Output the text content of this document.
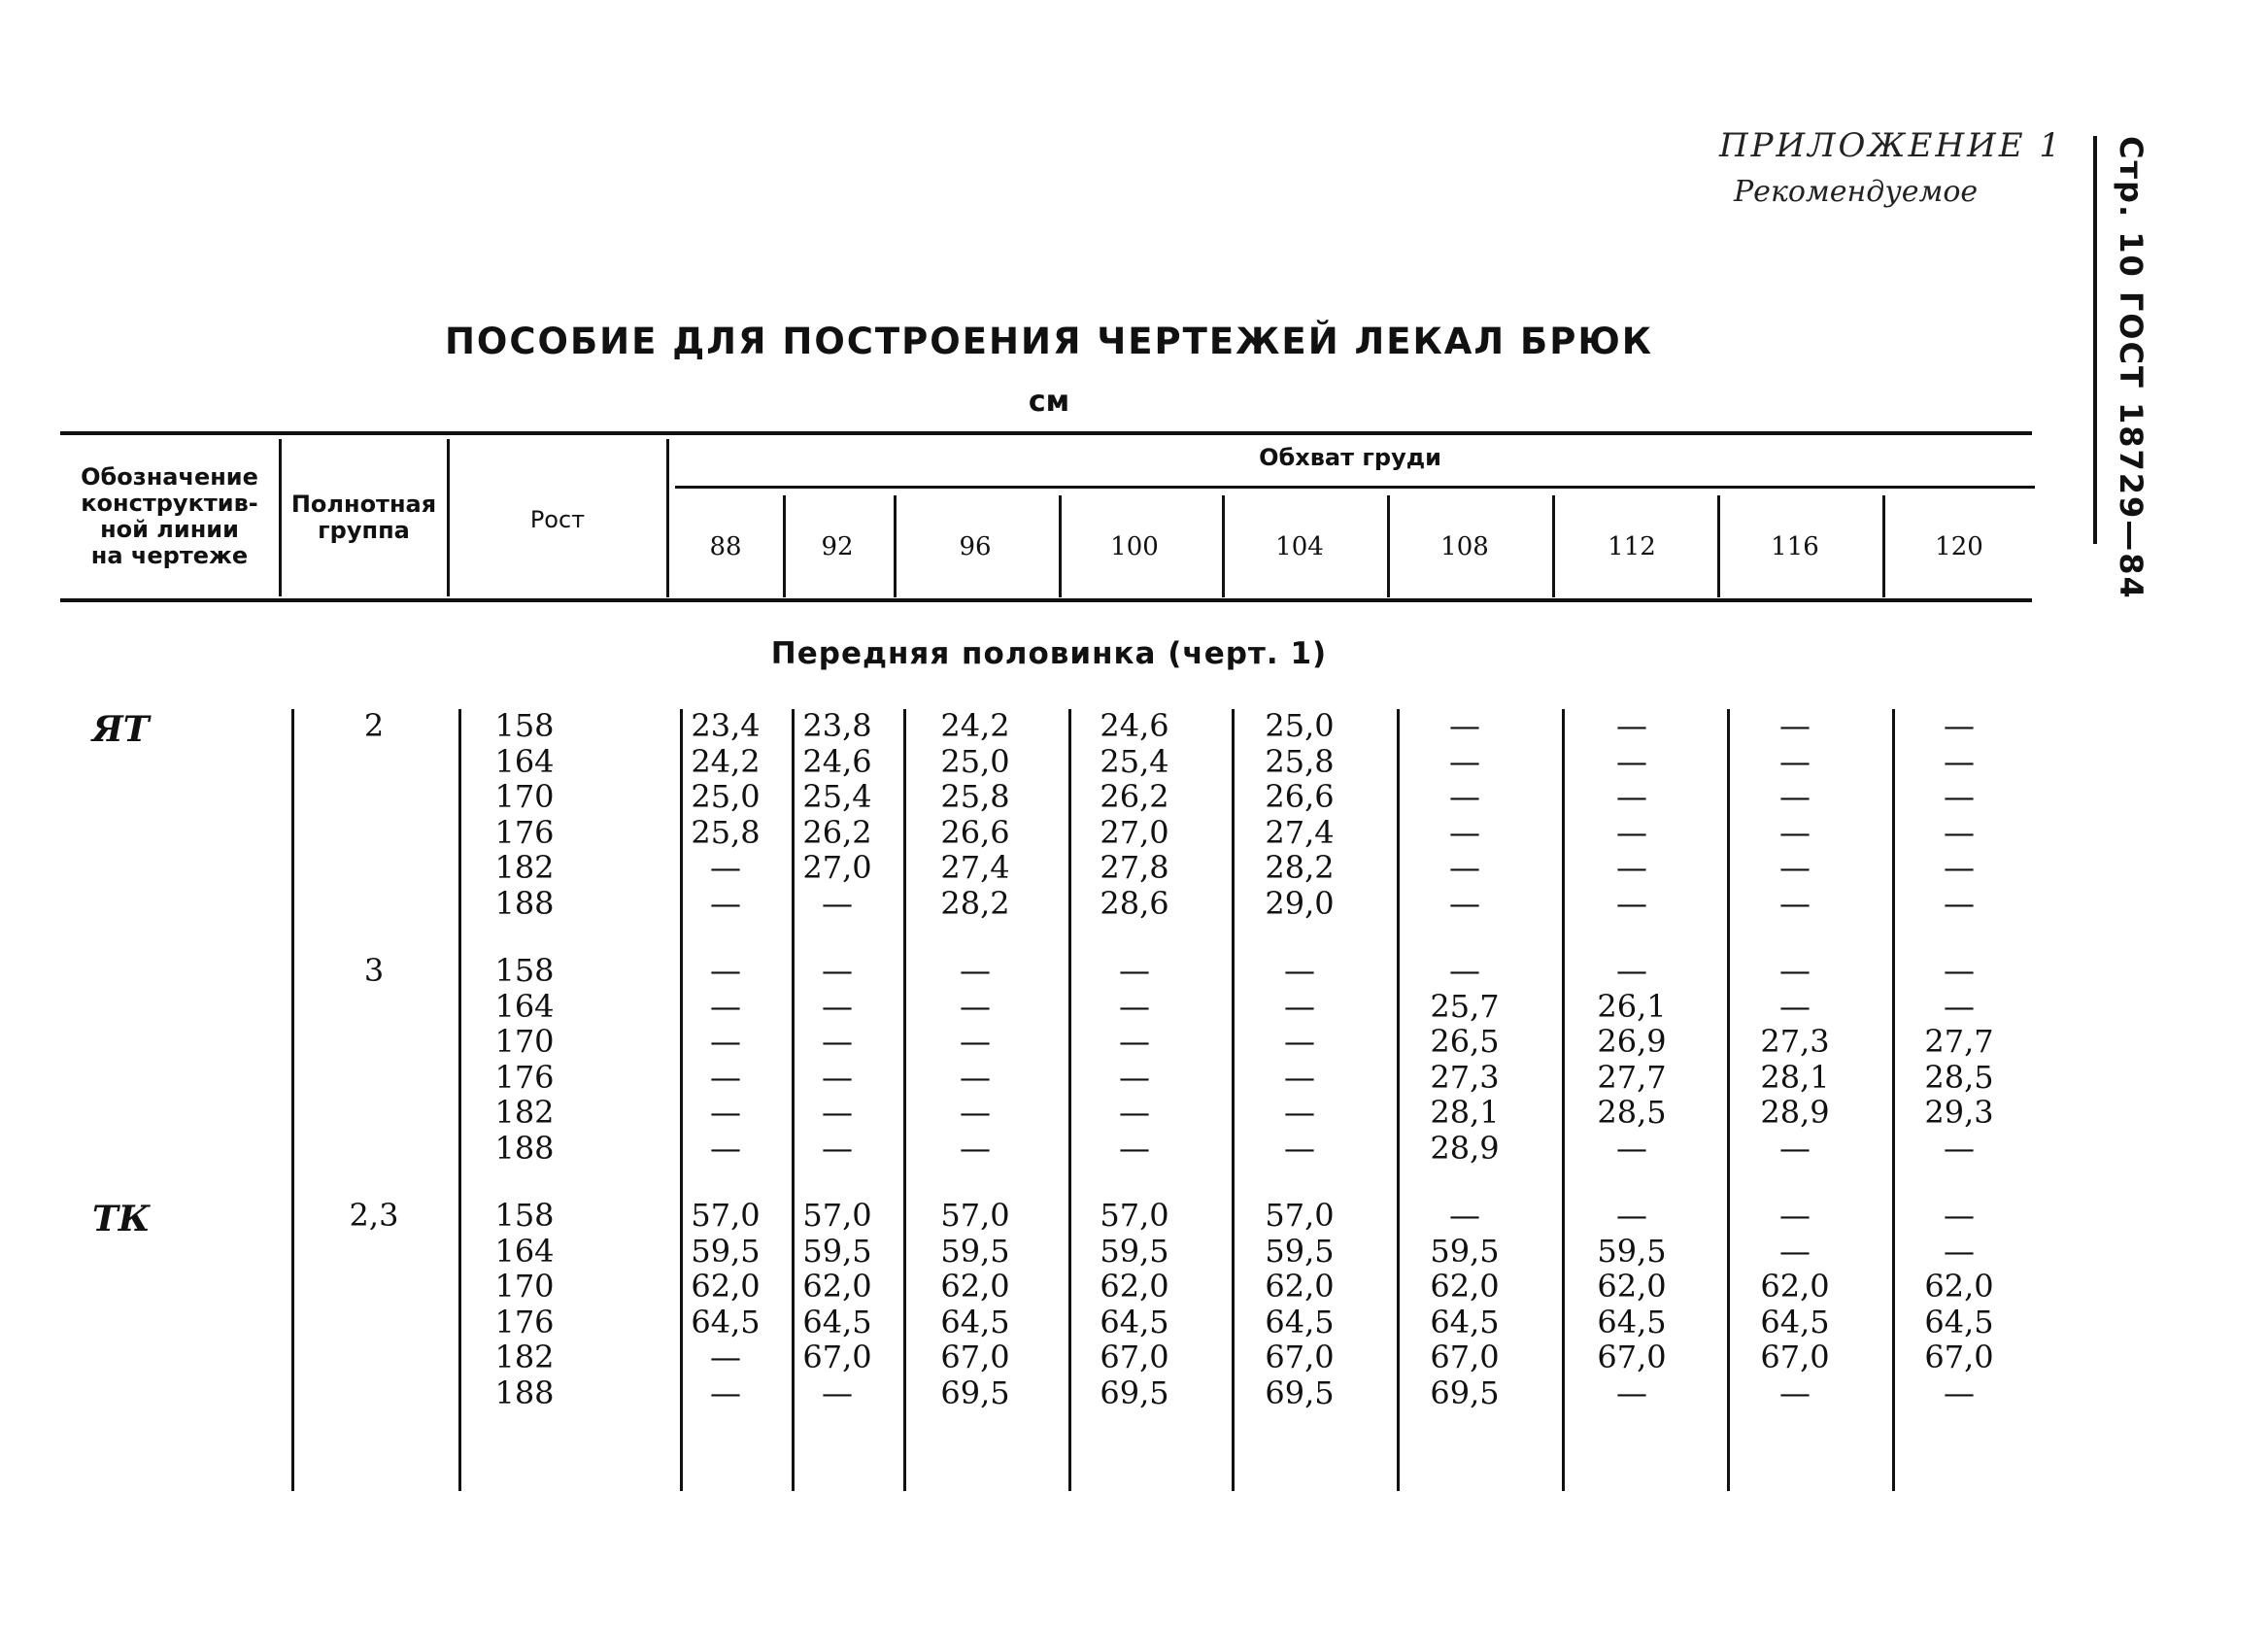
ПРИЛОЖЕНИЕ 1
Рекомендуемое	Стр. 10 ГОСТ 18729—84
ПОСОБИЕ ДЛЯ ПОСТРОЕНИЯ ЧЕРТЕЖЕЙ ЛЕКАЛ БРЮК
см
Обозначение
конструктив-
ной линии
на чертеже
Полнотная
группа	Рост
Обхват груди
88	92	96	100	104	108	112	116	120
ЯТ	2	158	23,4	23,8	24,2	24,6	25,0	—	—	—	—
164	24,2	24,6	25,0	25,4	25,8	—	—	—	—
170	25,0	25,4	25,8	26,2	26,6	—	—	—	—
176	25,8	26,2	26,6	27,0	27,4	—	—	—	—
182	—	27,0	27,4	27,8	28,2	—	—	—	—
188	—	—	28,2	28,6	29,0	—	—	—	—
3	158	—	—	—	—	—	—	—	—	—
164	—	—	—	—	—	25,7	26,1	—	—
170	—	—	—	—	—	26,5	26,9	27,3	27,7
176	—	—	—	—	—	27,3	27,7	28,1	28,5
182	—	—	—	—	—	28,1	28,5	28,9	29,3
188	—	—	—	—	—	28,9	—	—	—
ТК	2,3	158	57,0	57,0	57,0	57,0	57,0	—	—	—	—
164	59,5	59,5	59,5	59,5	59,5	59,5	59,5	—	—
170	62,0	62,0	62,0	62,0	62,0	62,0	62,0	62,0	62,0
176	64,5	64,5	64,5	64,5	64,5	64,5	64,5	64,5	64,5
182	—	67,0	67,0	67,0	67,0	67,0	67,0	67,0	67,0
188	—	—	69,5	69,5	69,5	69,5	—	—	—
Передняя половинка (черт. 1)
